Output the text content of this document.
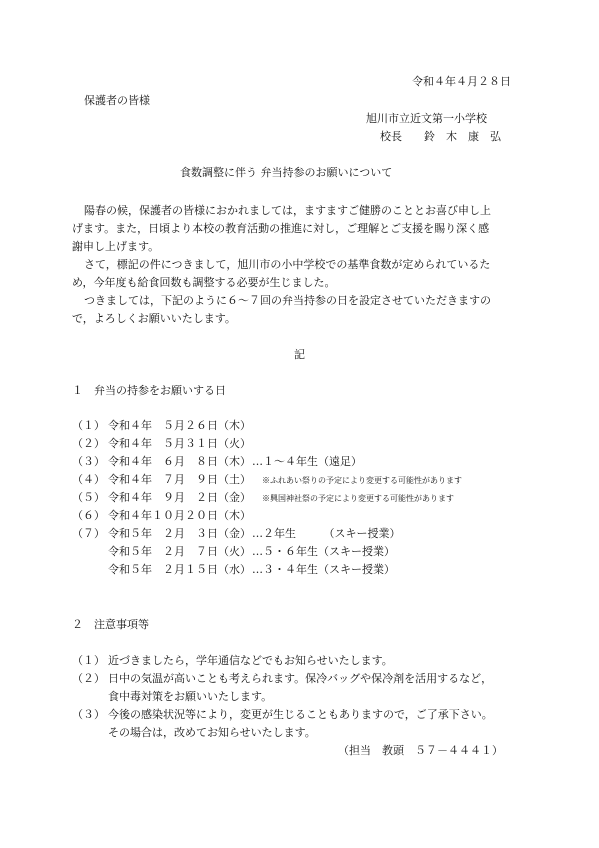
令和４年４月２８日
保護者の皆様
旭川市立近文第一小学校
校長　　鈴　木　康　弘
食数調整に伴う 弁当持参のお願いについて
陽春の候，保護者の皆様におかれましては，ますますご健勝のこととお喜び申し上
げます。また，日頃より本校の教育活動の推進に対し，ご理解とご支援を賜り深く感
謝申し上げます。
さて，標記の件につきまして，旭川市の小中学校での基準食数が定められているた
め，今年度も給食回数も調整する必要が生じました。
つきましては，下記のように６～７回の弁当持参の日を設定させていただきますの
で，よろしくお願いいたします。
記
１　弁当の持参をお願いする日
（１） 令和４年　５月２６日（木）
（２） 令和４年　５月３１日（火）
（３） 令和４年　６月　８日（木） …１～４年生（遠足）
（４） 令和４年　７月　９日（土） ※ふれあい祭りの予定により変更する可能性があります
（５） 令和４年　９月　２日（金） ※興国神社祭の予定により変更する可能性があります
（６） 令和４年１０月２０日（木）
（７） 令和５年　２月　３日（金） …２年生　　　（スキー授業）
令和５年　２月　７日（火） …５・６年生（スキー授業）
令和５年　２月１５日（水） …３・４年生（スキー授業）
２　注意事項等
（１） 近づきましたら，学年通信などでもお知らせいたします。
（２） 日中の気温が高いことも考えられます。保冷バッグや保冷剤を活用するなど，
食中毒対策をお願いいたします。
（３） 今後の感染状況等により，変更が生じることもありますので，ご了承下さい。
その場合は，改めてお知らせいたします。
（担当　教頭　５７－４４４１）
